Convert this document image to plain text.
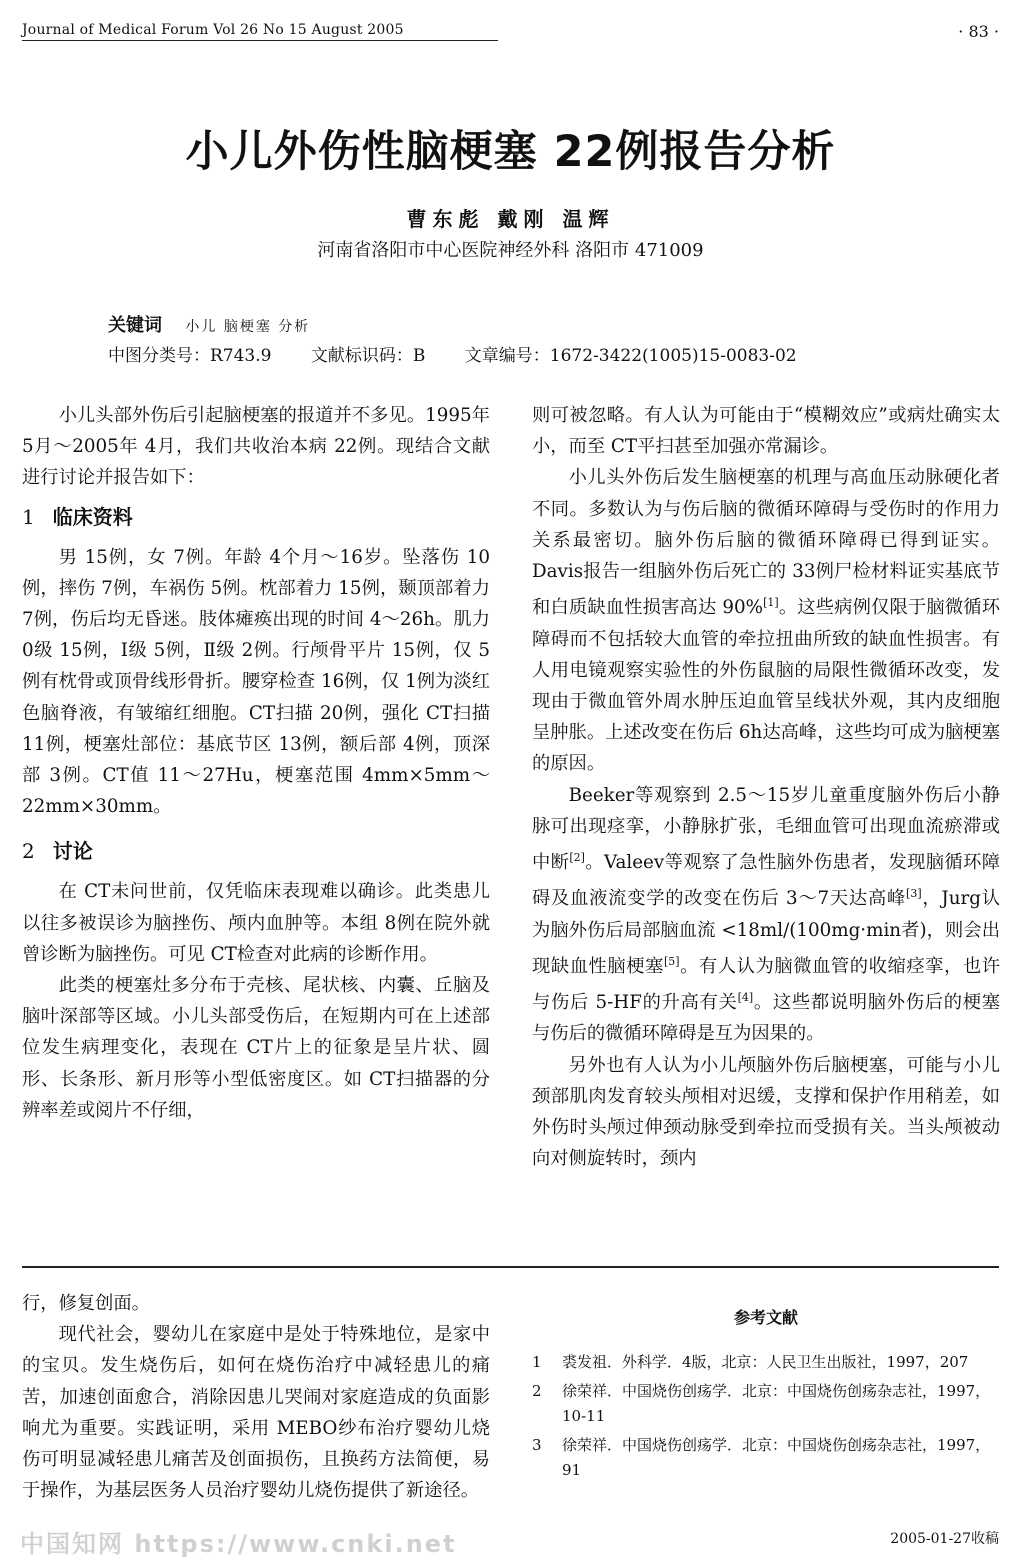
Journal of Medical Forum Vol 26 No 15 August 2005	· 83 ·
小儿外伤性脑梗塞 22例报告分析
曹东彪 戴刚 温辉
河南省洛阳市中心医院神经外科 洛阳市 471009
关键词 小儿 脑梗塞 分析
中图分类号：R743.9 文献标识码：B 文章编号：1672-3422(1005)15-0083-02

小儿头部外伤后引起脑梗塞的报道并不多见。1995年 5月～2005年 4月，我们共收治本病 22例。现结合文献进行讨论并报告如下：

1 临床资料

男 15例，女 7例。年龄 4个月～16岁。坠落伤 10例，摔伤 7例，车祸伤 5例。枕部着力 15例，颞顶部着力 7例，伤后均无昏迷。肢体瘫痪出现的时间 4～26h。肌力 0级 15例，Ⅰ级 5例，Ⅱ级 2例。行颅骨平片 15例，仅 5例有枕骨或顶骨线形骨折。腰穿检查 16例，仅 1例为淡红色脑脊液，有皱缩红细胞。CT扫描 20例，强化 CT扫描 11例，梗塞灶部位：基底节区 13例，额后部 4例，顶深部 3例。CT值 11～27Hu，梗塞范围 4mm×5mm～22mm×30mm。

2 讨论

在 CT未问世前，仅凭临床表现难以确诊。此类患儿以往多被误诊为脑挫伤、颅内血肿等。本组 8例在院外就曾诊断为脑挫伤。可见 CT检查对此病的诊断作用。

此类的梗塞灶多分布于壳核、尾状核、内囊、丘脑及脑叶深部等区域。小儿头部受伤后，在短期内可在上述部位发生病理变化，表现在 CT片上的征象是呈片状、圆形、长条形、新月形等小型低密度区。如 CT扫描器的分辨率差或阅片不仔细，

则可被忽略。有人认为可能由于“模糊效应”或病灶确实太小，而至 CT平扫甚至加强亦常漏诊。

小儿头外伤后发生脑梗塞的机理与高血压动脉硬化者不同。多数认为与伤后脑的微循环障碍与受伤时的作用力关系最密切。脑外伤后脑的微循环障碍已得到证实。Davis报告一组脑外伤后死亡的 33例尸检材料证实基底节和白质缺血性损害高达 90%[1]。这些病例仅限于脑微循环障碍而不包括较大血管的牵拉扭曲所致的缺血性损害。有人用电镜观察实验性的外伤鼠脑的局限性微循环改变，发现由于微血管外周水肿压迫血管呈线状外观，其内皮细胞呈肿胀。上述改变在伤后 6h达高峰，这些均可成为脑梗塞的原因。

Beeker等观察到 2.5～15岁儿童重度脑外伤后小静脉可出现痉挛，小静脉扩张，毛细血管可出现血流瘀滞或中断[2]。Valeev等观察了急性脑外伤患者，发现脑循环障碍及血液流变学的改变在伤后 3～7天达高峰[3]，Jurg认为脑外伤后局部脑血流 <18ml/(100mg·min者)，则会出现缺血性脑梗塞[5]。有人认为脑微血管的收缩痉挛，也许与伤后 5-HF的升高有关[4]。这些都说明脑外伤后的梗塞与伤后的微循环障碍是互为因果的。

另外也有人认为小儿颅脑外伤后脑梗塞，可能与小儿颈部肌肉发育较头颅相对迟缓，支撑和保护作用稍差，如外伤时头颅过伸颈动脉受到牵拉而受损有关。当头颅被动向对侧旋转时，颈内

行，修复创面。

现代社会，婴幼儿在家庭中是处于特殊地位，是家中的宝贝。发生烧伤后，如何在烧伤治疗中减轻患儿的痛苦，加速创面愈合，消除因患儿哭闹对家庭造成的负面影响尤为重要。实践证明，采用 MEBO纱布治疗婴幼儿烧伤可明显减轻患儿痛苦及创面损伤，且换药方法简便，易于操作，为基层医务人员治疗婴幼儿烧伤提供了新途径。

参考文献
1	裘发祖．外科学．4版，北京：人民卫生出版社，1997，207
2	徐荣祥．中国烧伤创疡学．北京：中国烧伤创疡杂志社，1997，10-11
3	徐荣祥．中国烧伤创疡学．北京：中国烧伤创疡杂志社，1997，91
2005-01-27收稿
中国知网 https://www.cnki.net
